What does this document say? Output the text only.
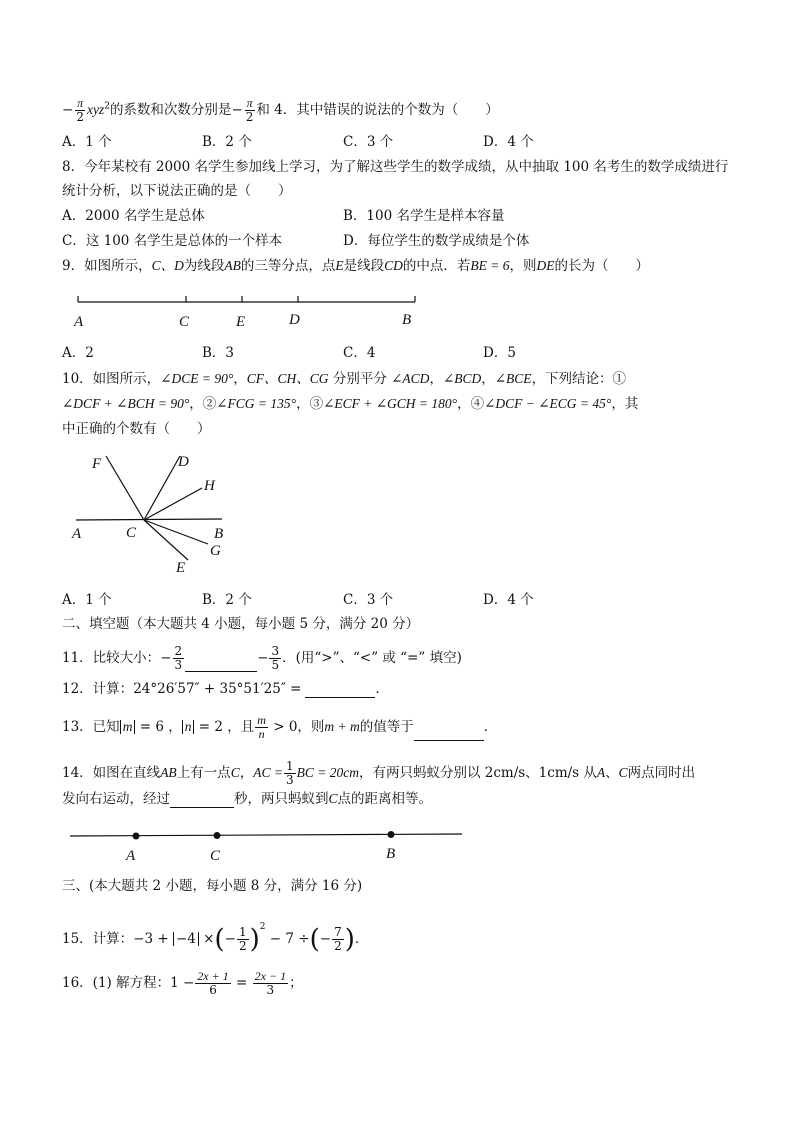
− $\frac{\pi}{2} xyz^2$的系数和次数分别是− $\frac{\pi}{2}$ 和 4．其中错误的说法的个数为（　　）
A．1 个	B．2 个	C．3 个	D．4 个
8．今年某校有 2000 名学生参加线上学习，为了解这些学生的数学成绩，从中抽取 100 名考生的数学成绩进行
统计分析，以下说法正确的是（　　）
A．2000 名学生是总体	B．100 名学生是样本容量
C．这 100 名学生是总体的一个样本	D．每位学生的数学成绩是个体
9．如图所示，C、D为线段AB的三等分点，点E是线段CD的中点．若BE = 6，则DE的长为（　　）
A	C	E	D	B
A．2	B．3	C．4	D．5
10．如图所示，∠DCE = 90°，CF、CH、CG 分别平分 ∠ACD，∠BCD，∠BCE，下列结论：①
∠DCF + ∠BCH = 90°，②∠FCG = 135°，③∠ECF + ∠GCH = 180°，④∠DCF − ∠ECG = 45°，其
中正确的个数有（　　）
F	D
H
A	C	B
G
E
A．1 个	B．2 个	C．3 个	D．4 个
二、填空题（本大题共 4 小题，每小题 5 分，满分 20 分）
11．比较大小：− $\frac{2}{3}$	− $\frac{3}{5}$ ．(用“>”、“<” 或 “=” 填空)
12．计算：24°26′57″ + 35°51′25″ =	．
13．已知 m = 6 ， n = 2 ，且 $\frac{m}{n} > 0$，则m + m的值等于	．
14．如图在直线AB上有一点C，AC = $\frac{1}{3}$ BC = 20cm，有两只蚂蚁分别以 2cm/s、1cm/s 从A、C两点同时出
发向右运动，经过	秒，两只蚂蚁到C点的距离相等。
A	C	B
三、(本大题共 2 小题，每小题 8 分，满分 16 分)
15．计算：−3 + −4 ×(− $\frac{1}{2} )^2 - 7$ ÷(− $\frac{7}{2}$ )．
16．(1) 解方程：$1 - \frac{2x + 1}{6} = \frac{2x - 1}{3}$ ；
